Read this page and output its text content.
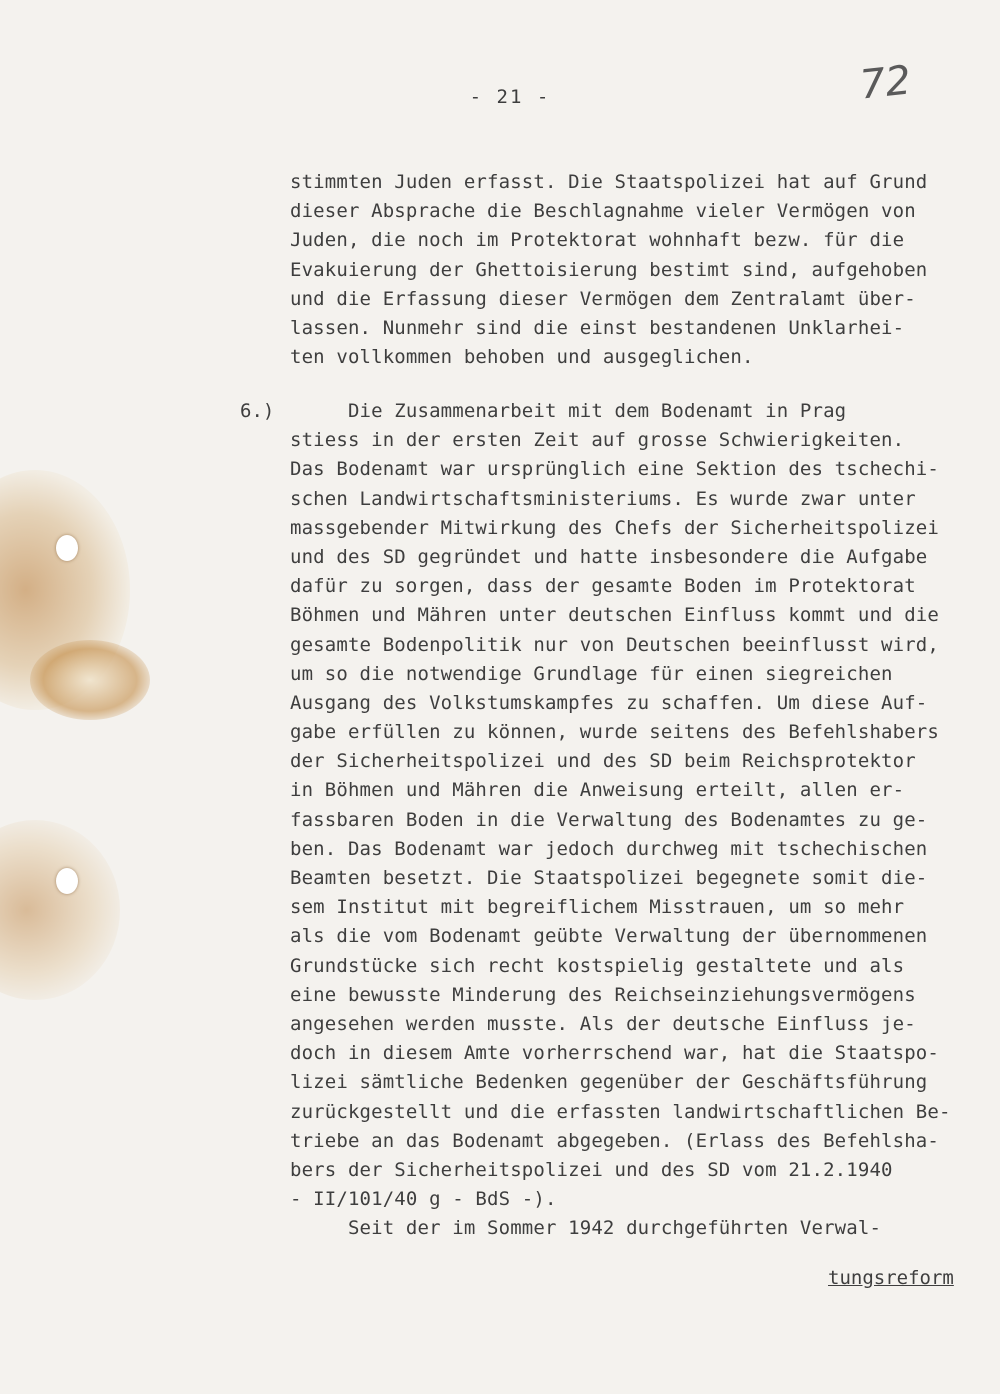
- 21 -	72
stimmten Juden erfasst. Die Staatspolizei hat auf Grund
dieser Absprache die Beschlagnahme vieler Vermögen von
Juden, die noch im Protektorat wohnhaft bezw. für die
Evakuierung der Ghettoisierung bestimt sind, aufgehoben
und die Erfassung dieser Vermögen dem Zentralamt über-
lassen. Nunmehr sind die einst bestandenen Unklarhei-
ten vollkommen behoben und ausgeglichen.
6.) Die Zusammenarbeit mit dem Bodenamt in Prag
stiess in der ersten Zeit auf grosse Schwierigkeiten.
Das Bodenamt war ursprünglich eine Sektion des tschechi-
schen Landwirtschaftsministeriums. Es wurde zwar unter
massgebender Mitwirkung des Chefs der Sicherheitspolizei
und des SD gegründet und hatte insbesondere die Aufgabe
dafür zu sorgen, dass der gesamte Boden im Protektorat
Böhmen und Mähren unter deutschen Einfluss kommt und die
gesamte Bodenpolitik nur von Deutschen beeinflusst wird,
um so die notwendige Grundlage für einen siegreichen
Ausgang des Volkstumskampfes zu schaffen. Um diese Auf-
gabe erfüllen zu können, wurde seitens des Befehlshabers
der Sicherheitspolizei und des SD beim Reichsprotektor
in Böhmen und Mähren die Anweisung erteilt, allen er-
fassbaren Boden in die Verwaltung des Bodenamtes zu ge-
ben. Das Bodenamt war jedoch durchweg mit tschechischen
Beamten besetzt. Die Staatspolizei begegnete somit die-
sem Institut mit begreiflichem Misstrauen, um so mehr
als die vom Bodenamt geübte Verwaltung der übernommenen
Grundstücke sich recht kostspielig gestaltete und als
eine bewusste Minderung des Reichseinziehungsvermögens
angesehen werden musste. Als der deutsche Einfluss je-
doch in diesem Amte vorherrschend war, hat die Staatspo-
lizei sämtliche Bedenken gegenüber der Geschäftsführung
zurückgestellt und die erfassten landwirtschaftlichen Be-
triebe an das Bodenamt abgegeben. (Erlass des Befehlsha-
bers der Sicherheitspolizei und des SD vom 21.2.1940
- II/101/40 g - BdS -).
Seit der im Sommer 1942 durchgeführten Verwal-
tungsreform
